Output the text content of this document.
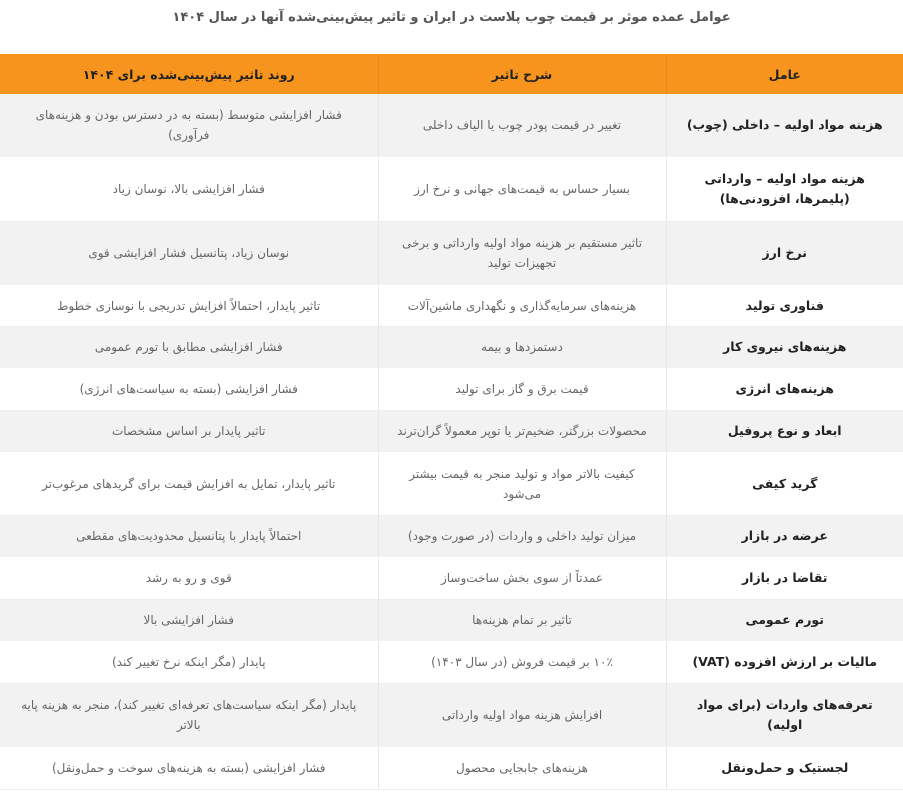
عوامل عمده موثر بر قیمت چوب پلاست در ایران و تاثیر پیش‌بینی‌شده آنها در سال ۱۴۰۴
عامل	شرح تاثیر	روند تاثیر پیش‌بینی‌شده برای ۱۴۰۴
هزینه مواد اولیه – داخلی (چوب)	تغییر در قیمت پودر چوب یا الیاف داخلی	فشار افزایشی متوسط (بسته به در دسترس بودن و هزینه‌های فرآوری)
هزینه مواد اولیه – وارداتی (پلیمرها، افزودنی‌ها)	بسیار حساس به قیمت‌های جهانی و نرخ ارز	فشار افزایشی بالا، نوسان زیاد
نرخ ارز	تاثیر مستقیم بر هزینه مواد اولیه وارداتی و برخی تجهیزات تولید	نوسان زیاد، پتانسیل فشار افزایشی قوی
فناوری تولید	هزینه‌های سرمایه‌گذاری و نگهداری ماشین‌آلات	تاثیر پایدار، احتمالاً افزایش تدریجی با نوسازی خطوط
هزینه‌های نیروی کار	دستمزدها و بیمه	فشار افزایشی مطابق با تورم عمومی
هزینه‌های انرژی	قیمت برق و گاز برای تولید	فشار افزایشی (بسته به سیاست‌های انرژی)
ابعاد و نوع پروفیل	محصولات بزرگتر، ضخیم‌تر یا توپر معمولاً گران‌ترند	تاثیر پایدار بر اساس مشخصات
گرید کیفی	کیفیت بالاتر مواد و تولید منجر به قیمت بیشتر می‌شود	تاثیر پایدار، تمایل به افزایش قیمت برای گریدهای مرغوب‌تر
عرضه در بازار	میزان تولید داخلی و واردات (در صورت وجود)	احتمالاً پایدار با پتانسیل محدودیت‌های مقطعی
تقاضا در بازار	عمدتاً از سوی بخش ساخت‌وساز	قوی و رو به رشد
تورم عمومی	تاثیر بر تمام هزینه‌ها	فشار افزایشی بالا
مالیات بر ارزش افزوده (VAT)	۱۰٪ بر قیمت فروش (در سال ۱۴۰۳)	پایدار (مگر اینکه نرخ تغییر کند)
تعرفه‌های واردات (برای مواد اولیه)	افزایش هزینه مواد اولیه وارداتی	پایدار (مگر اینکه سیاست‌های تعرفه‌ای تغییر کند)، منجر به هزینه پایه بالاتر
لجستیک و حمل‌ونقل	هزینه‌های جابجایی محصول	فشار افزایشی (بسته به هزینه‌های سوخت و حمل‌ونقل)
